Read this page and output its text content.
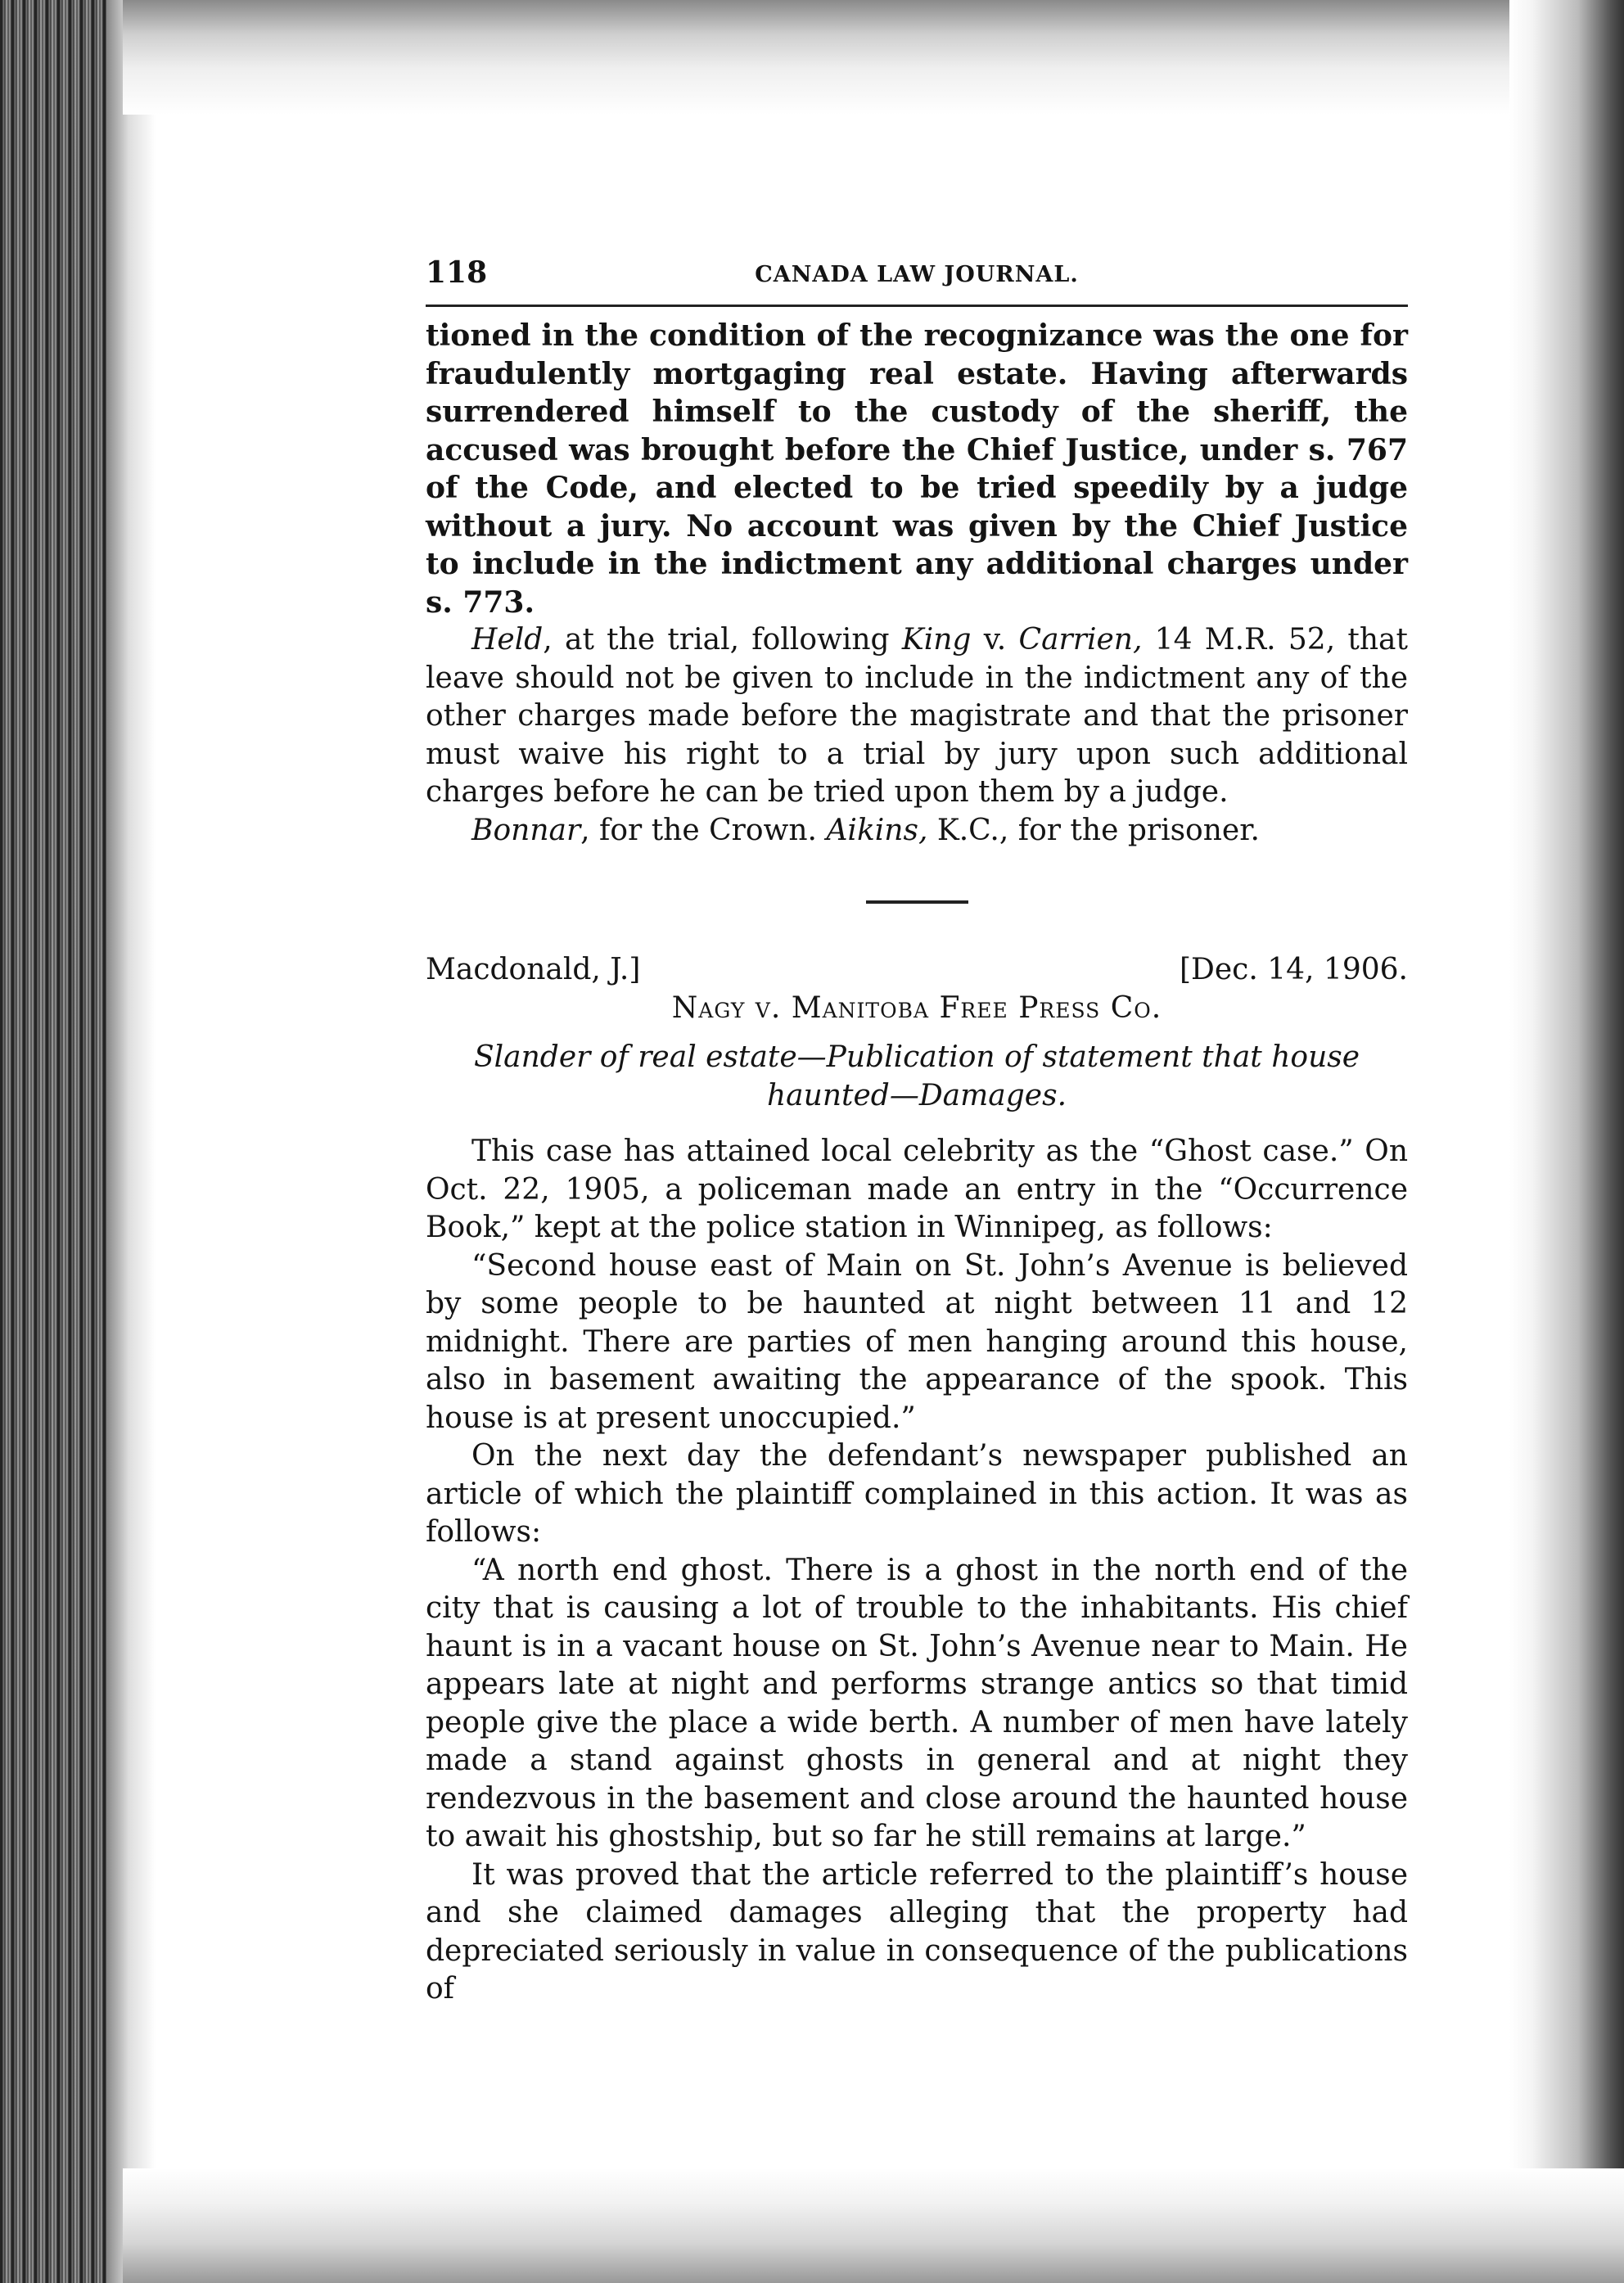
118	CANADA LAW JOURNAL.

tioned in the condition of the recognizance was the one for fraudulently mortgaging real estate. Having afterwards surrendered himself to the custody of the sheriff, the accused was brought before the Chief Justice, under s. 767 of the Code, and elected to be tried speedily by a judge without a jury. No account was given by the Chief Justice to include in the indictment any additional charges under s. 773.

Held, at the trial, following King v. Carrien, 14 M.R. 52, that leave should not be given to include in the indictment any of the other charges made before the magistrate and that the prisoner must waive his right to a trial by jury upon such additional charges before he can be tried upon them by a judge.

Bonnar, for the Crown. Aikins, K.C., for the prisoner.

Macdonald, J.]	[Dec. 14, 1906.
Nagy v. Manitoba Free Press Co.
Slander of real estate—Publication of statement that house haunted—Damages.

This case has attained local celebrity as the “Ghost case.” On Oct. 22, 1905, a policeman made an entry in the “Occurrence Book,” kept at the police station in Winnipeg, as follows:

“Second house east of Main on St. John’s Avenue is believed by some people to be haunted at night between 11 and 12 midnight. There are parties of men hanging around this house, also in basement awaiting the appearance of the spook. This house is at present unoccupied.”

On the next day the defendant’s newspaper published an article of which the plaintiff complained in this action. It was as follows:

“A north end ghost. There is a ghost in the north end of the city that is causing a lot of trouble to the inhabitants. His chief haunt is in a vacant house on St. John’s Avenue near to Main. He appears late at night and performs strange antics so that timid people give the place a wide berth. A number of men have lately made a stand against ghosts in general and at night they rendezvous in the basement and close around the haunted house to await his ghostship, but so far he still remains at large.”

It was proved that the article referred to the plaintiff’s house and she claimed damages alleging that the property had depreciated seriously in value in consequence of the publications of
